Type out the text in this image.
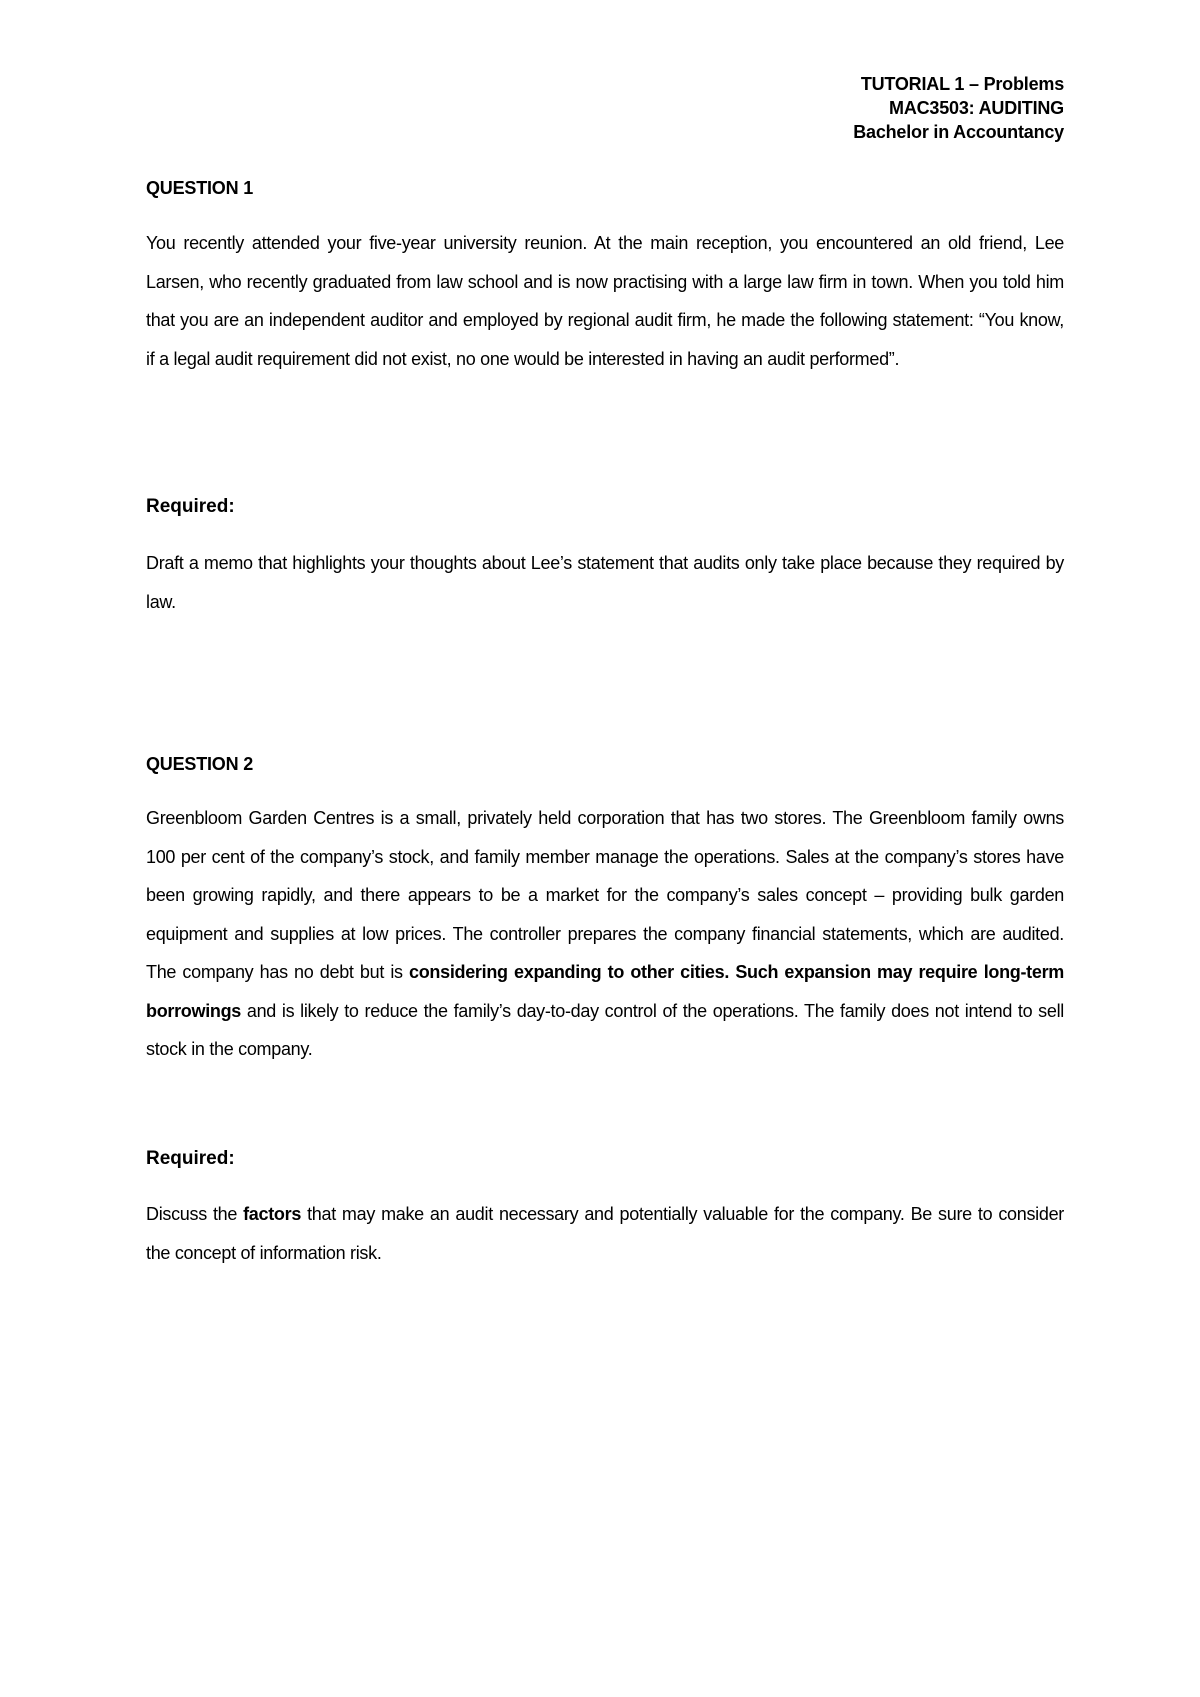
TUTORIAL 1 – Problems
MAC3503: AUDITING
Bachelor in Accountancy
QUESTION 1

You recently attended your five-year university reunion. At the main reception, you encountered an old friend, Lee Larsen, who recently graduated from law school and is now practising with a large law firm in town. When you told him that you are an independent auditor and employed by regional audit firm, he made the following statement: “You know, if a legal audit requirement did not exist, no one would be interested in having an audit performed”.

Required:

Draft a memo that highlights your thoughts about Lee’s statement that audits only take place because they required by law.

QUESTION 2

Greenbloom Garden Centres is a small, privately held corporation that has two stores. The Greenbloom family owns 100 per cent of the company’s stock, and family member manage the operations. Sales at the company’s stores have been growing rapidly, and there appears to be a market for the company’s sales concept – providing bulk garden equipment and supplies at low prices. The controller prepares the company financial statements, which are audited. The company has no debt but is considering expanding to other cities. Such expansion may require long-term borrowings and is likely to reduce the family’s day-to-day control of the operations. The family does not intend to sell stock in the company.

Required:

Discuss the factors that may make an audit necessary and potentially valuable for the company. Be sure to consider the concept of information risk.
